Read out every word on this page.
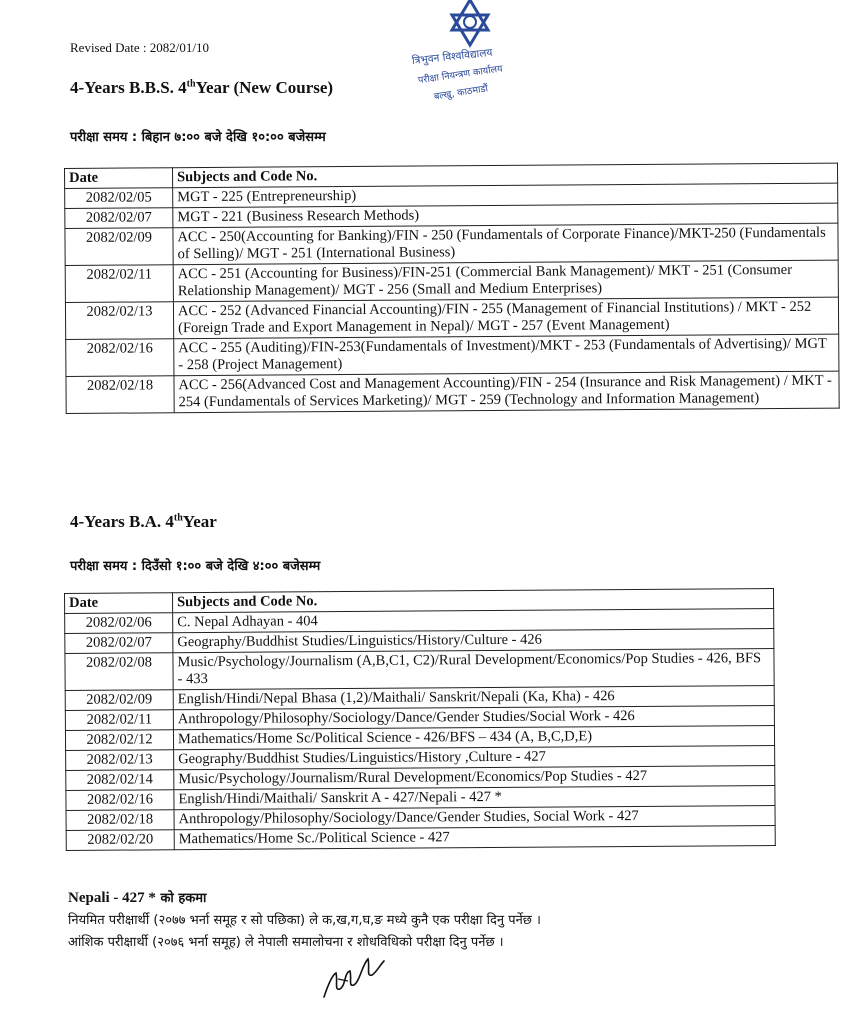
त्रिभुवन विश्वविद्यालय
परीक्षा नियन्त्रण कार्यालय
बल्खु, काठमाडौं
Revised Date : 2082/01/10
4-Years B.B.S. 4thYear (New Course)
परीक्षा समय : बिहान ७:०० बजे देखि १०:०० बजेसम्म
Date	Subjects and Code No.
2082/02/05	MGT - 225 (Entrepreneurship)
2082/02/07	MGT - 221 (Business Research Methods)
2082/02/09	ACC - 250(Accounting for Banking)/FIN - 250 (Fundamentals of Corporate Finance)/MKT-250 (Fundamentals of Selling)/ MGT - 251 (International Business)
2082/02/11	ACC - 251 (Accounting for Business)/FIN-251 (Commercial Bank Management)/ MKT - 251 (Consumer Relationship Management)/ MGT - 256 (Small and Medium Enterprises)
2082/02/13	ACC - 252 (Advanced Financial Accounting)/FIN - 255 (Management of Financial Institutions) / MKT - 252 (Foreign Trade and Export Management in Nepal)/ MGT - 257 (Event Management)
2082/02/16	ACC - 255 (Auditing)/FIN-253(Fundamentals of Investment)/MKT - 253 (Fundamentals of Advertising)/ MGT - 258 (Project Management)
2082/02/18	ACC - 256(Advanced Cost and Management Accounting)/FIN - 254 (Insurance and Risk Management) / MKT - 254 (Fundamentals of Services Marketing)/ MGT - 259 (Technology and Information Management)
4-Years B.A. 4thYear
परीक्षा समय : दिउँसो १:०० बजे देखि ४:०० बजेसम्म
Date	Subjects and Code No.
2082/02/06	C. Nepal Adhayan - 404
2082/02/07	Geography/Buddhist Studies/Linguistics/History/Culture - 426
2082/02/08	Music/Psychology/Journalism (A,B,C1, C2)/Rural Development/Economics/Pop Studies - 426, BFS - 433
2082/02/09	English/Hindi/Nepal Bhasa (1,2)/Maithali/ Sanskrit/Nepali (Ka, Kha) - 426
2082/02/11	Anthropology/Philosophy/Sociology/Dance/Gender Studies/Social Work - 426
2082/02/12	Mathematics/Home Sc/Political Science - 426/BFS – 434 (A, B,C,D,E)
2082/02/13	Geography/Buddhist Studies/Linguistics/History ,Culture - 427
2082/02/14	Music/Psychology/Journalism/Rural Development/Economics/Pop Studies - 427
2082/02/16	English/Hindi/Maithali/ Sanskrit A - 427/Nepali - 427 *
2082/02/18	Anthropology/Philosophy/Sociology/Dance/Gender Studies, Social Work - 427
2082/02/20	Mathematics/Home Sc./Political Science - 427
Nepali - 427 * को हकमा
नियमित परीक्षार्थी (२०७७ भर्ना समूह र सो पछिका) ले क,ख,ग,घ,ङ मध्ये कुनै एक परीक्षा दिनु पर्नेछ ।
आंशिक परीक्षार्थी (२०७६ भर्ना समूह) ले नेपाली समालोचना र शोधविधिको परीक्षा दिनु पर्नेछ ।
